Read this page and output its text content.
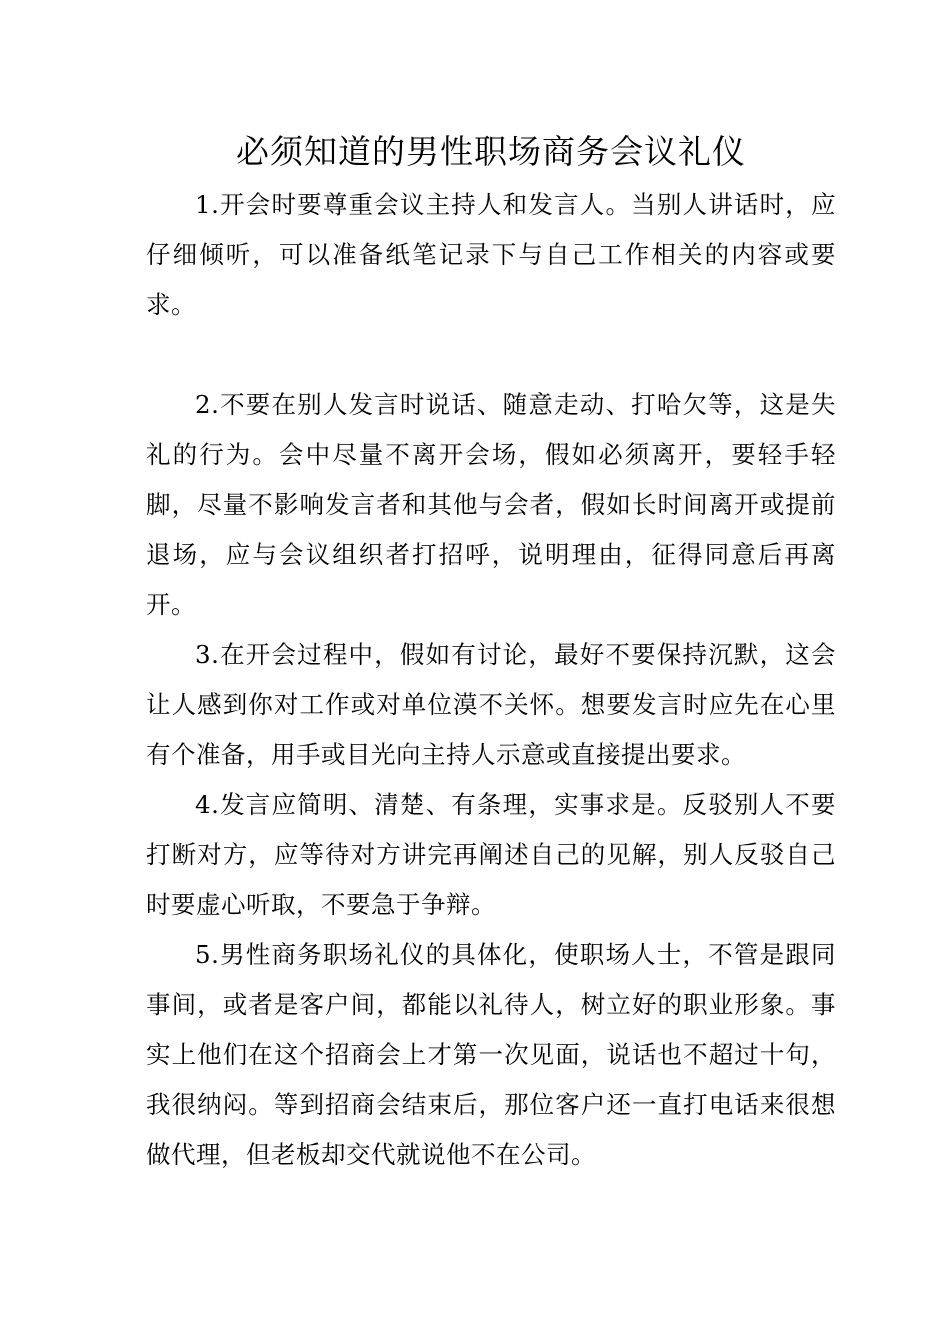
必须知道的男性职场商务会议礼仪

1.开会时要尊重会议主持人和发言人。当别人讲话时，应仔细倾听，可以准备纸笔记录下与自己工作相关的内容或要求。

2.不要在别人发言时说话、随意走动、打哈欠等，这是失礼的行为。会中尽量不离开会场，假如必须离开，要轻手轻脚，尽量不影响发言者和其他与会者，假如长时间离开或提前退场，应与会议组织者打招呼，说明理由，征得同意后再离开。

3.在开会过程中，假如有讨论，最好不要保持沉默，这会让人感到你对工作或对单位漠不关怀。想要发言时应先在心里有个准备，用手或目光向主持人示意或直接提出要求。

4.发言应简明、清楚、有条理，实事求是。反驳别人不要打断对方，应等待对方讲完再阐述自己的见解，别人反驳自己时要虚心听取，不要急于争辩。

5.男性商务职场礼仪的具体化，使职场人士，不管是跟同事间，或者是客户间，都能以礼待人，树立好的职业形象。事实上他们在这个招商会上才第一次见面，说话也不超过十句，我很纳闷。等到招商会结束后，那位客户还一直打电话来很想做代理，但老板却交代就说他不在公司。
